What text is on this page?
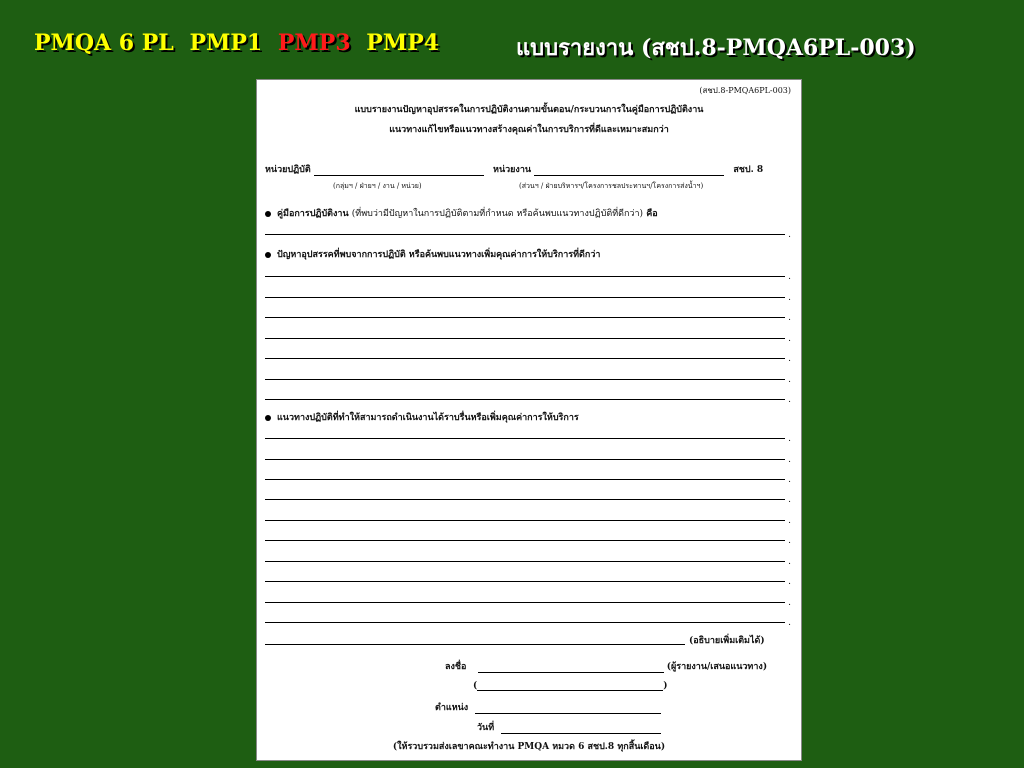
PMQA 6 PL PMP1 PMP3 PMP4	แบบรายงาน (สชป.8-PMQA6PL-003)
(สชป.8-PMQA6PL-003)
แบบรายงานปัญหาอุปสรรคในการปฏิบัติงานตามขั้นตอน/กระบวนการในคู่มือการปฏิบัติงาน
แนวทางแก้ไขหรือแนวทางสร้างคุณค่าในการบริการที่ดีและเหมาะสมกว่า
หน่วยปฏิบัติ	หน่วยงาน	สชป. 8
(กลุ่มฯ / ฝ่ายฯ / งาน / หน่วย)	(ส่วนฯ / ฝ่ายบริหารฯ/โครงการชลประทานฯ/โครงการส่งน้ำฯ)
คู่มือการปฏิบัติงาน (ที่พบว่ามีปัญหาในการปฏิบัติตามที่กำหนด หรือค้นพบแนวทางปฏิบัติที่ดีกว่า) คือ
.
ปัญหาอุปสรรคที่พบจากการปฏิบัติ หรือค้นพบแนวทางเพิ่มคุณค่าการให้บริการที่ดีกว่า
.
.
.
.
.
.
.
แนวทางปฏิบัติที่ทำให้สามารถดำเนินงานได้ราบรื่นหรือเพิ่มคุณค่าการให้บริการ
.
.
.
.
.
.
.
.
.
.
(อธิบายเพิ่มเติมได้)
ลงชื่อ	(ผู้รายงาน/เสนอแนวทาง)
(	)
ตำแหน่ง
วันที่
(ให้รวบรวมส่งเลขาคณะทำงาน PMQA หมวด 6 สชป.8 ทุกสิ้นเดือน)
